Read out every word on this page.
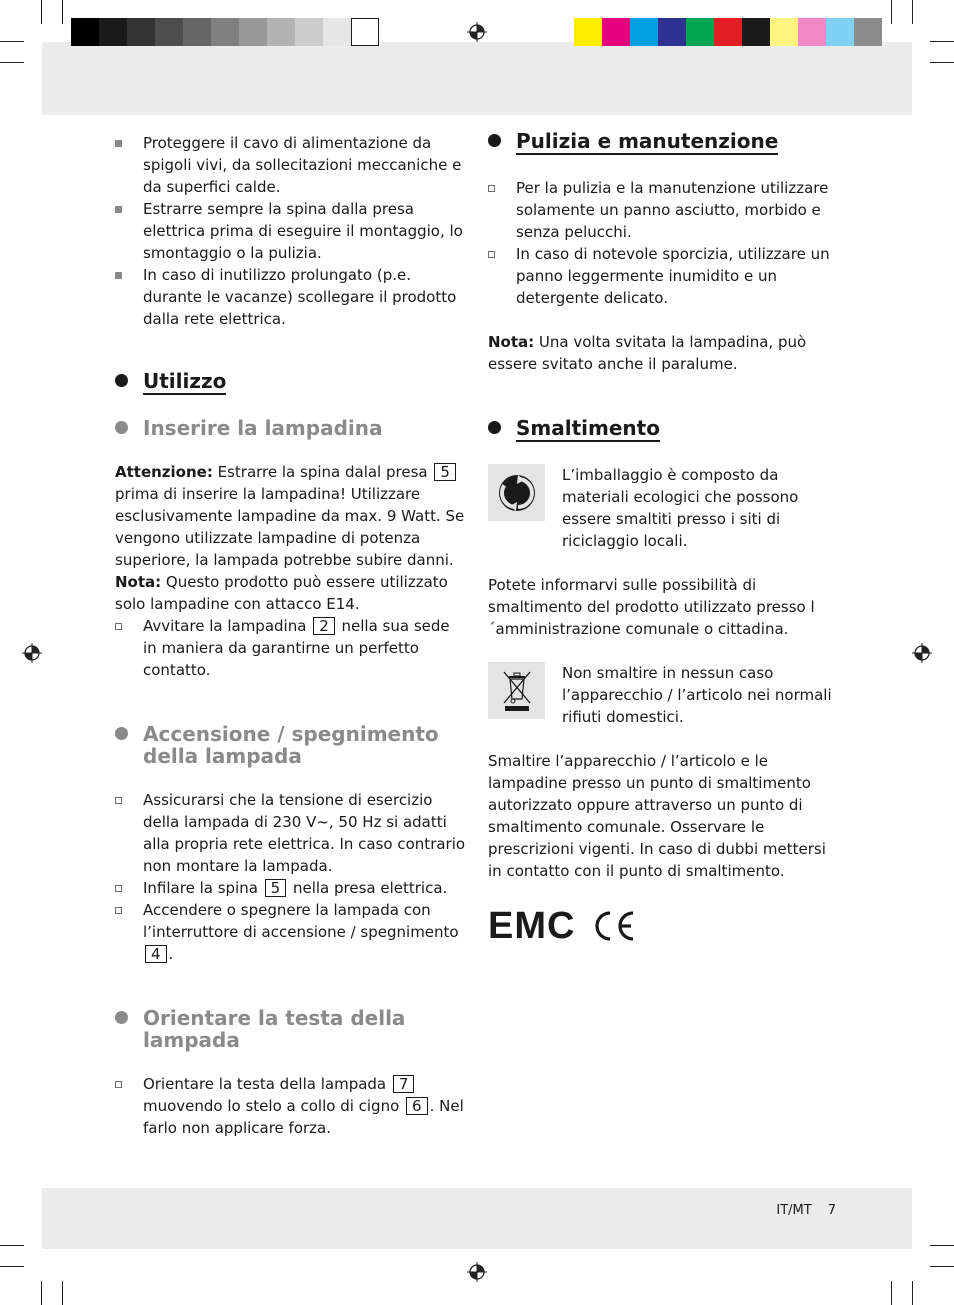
Proteggere il cavo di alimentazione da spigoli vivi, da sollecitazioni meccaniche e da superfici calde.
Estrarre sempre la spina dalla presa elettrica prima di eseguire il montaggio, lo smontaggio o la pulizia.
In caso di inutilizzo prolungato (p.e. durante le vacanze) scollegare il prodotto dalla rete elettrica.
Utilizzo
Inserire la lampadina

Attenzione: Estrarre la spina dalal presa 5 prima di inserire la lampadina! Utilizzare esclusivamente lampadine da max. 9 Watt. Se vengono utilizzate lampadine di potenza superiore, la lampada potrebbe subire danni.

Nota: Questo prodotto può essere utilizzato solo lampadine con attacco E14.

Avvitare la lampadina 2 nella sua sede in maniera da garantirne un perfetto contatto.
Accensione / spegnimento della lampada
Assicurarsi che la tensione di esercizio della lampada di 230 V~, 50 Hz si adatti alla propria rete elettrica. In caso contrario non montare la lampada.
Infilare la spina 5 nella presa elettrica.
Accendere o spegnere la lampada con l’interruttore di accensione / spegnimento 4 .
Orientare la testa della lampada
Orientare la testa della lampada 7 muovendo lo stelo a collo di cigno 6 . Nel farlo non applicare forza.
Pulizia e manutenzione
Per la pulizia e la manutenzione utilizzare solamente un panno asciutto, morbido e senza pelucchi.
In caso di notevole sporcizia, utilizzare un panno leggermente inumidito e un detergente delicato.

Nota: Una volta svitata la lampadina, può essere svitato anche il paralume.

Smaltimento

L’imballaggio è composto da materiali ecologici che possono essere smaltiti presso i siti di riciclaggio locali.

Potete informarvi sulle possibilità di smaltimento del prodotto utilizzato presso l´amministrazione comunale o cittadina.

Non smaltire in nessun caso l’apparecchio / l’articolo nei normali rifiuti domestici.

Smaltire l’apparecchio / l’articolo e le lampadine presso un punto di smaltimento autorizzato oppure attraverso un punto di smaltimento comunale. Osservare le prescrizioni vigenti. In caso di dubbi mettersi in contatto con il punto di smaltimento.

EMC
IT/MT 7
